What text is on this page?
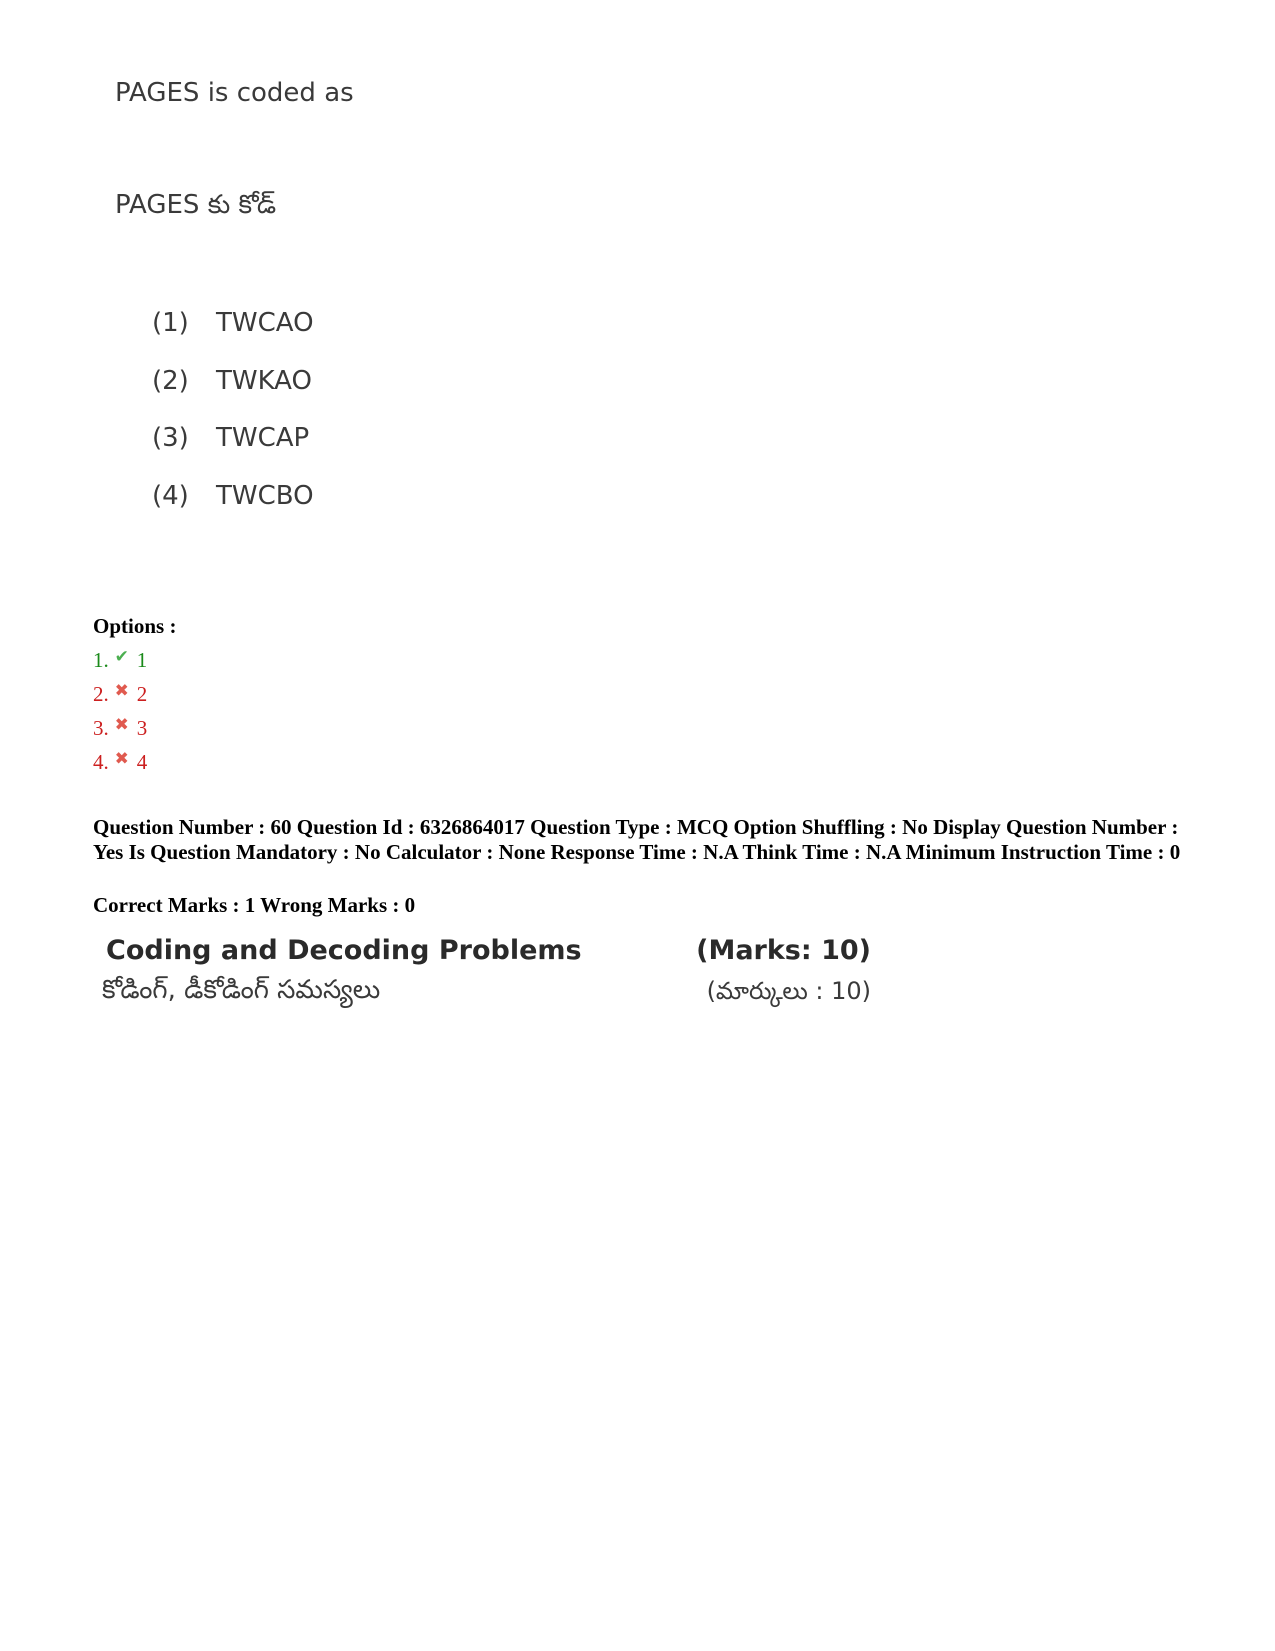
PAGES is coded as
PAGES కు కోడ్
(1) TWCAO
(2) TWKAO
(3) TWCAP
(4) TWCBO
Options :
1. ✔ 1
2. ✖ 2
3. ✖ 3
4. ✖ 4
Question Number : 60 Question Id : 6326864017 Question Type : MCQ Option Shuffling : No Display Question Number : Yes Is Question Mandatory : No Calculator : None Response Time : N.A Think Time : N.A Minimum Instruction Time : 0
Correct Marks : 1 Wrong Marks : 0
Coding and Decoding Problems	(Marks: 10)
కోడింగ్, డీకోడింగ్ సమస్యలు	(మార్కులు : 10)
